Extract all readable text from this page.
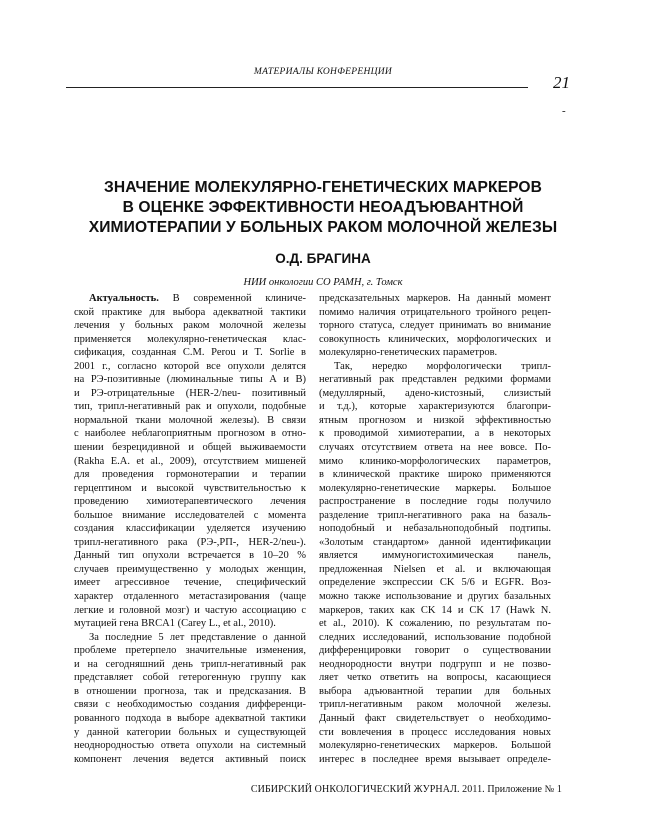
МАТЕРИАЛЫ КОНФЕРЕНЦИИ
21
-
ЗНАЧЕНИЕ МОЛЕКУЛЯРНО-ГЕНЕТИЧЕСКИХ МАРКЕРОВ
В ОЦЕНКЕ ЭФФЕКТИВНОСТИ НЕОАДЪЮВАНТНОЙ
ХИМИОТЕРАПИИ У БОЛЬНЫХ РАКОМ МОЛОЧНОЙ ЖЕЛЕЗЫ
О.Д. БРАГИНА
НИИ онкологии СО РАМН, г. Томск
Актуальность. В современной клиниче-
ской практике для выбора адекватной тактики
лечения у больных раком молочной железы
применяется молекулярно-генетическая клас-
сификация, созданная C.M. Perou и T. Sorlie в
2001 г., согласно которой все опухоли делятся
на РЭ-позитивные (люминальные типы А и В)
и РЭ-отрицательные (HER-2/neu- позитивный
тип, трипл-негативный рак и опухоли, подобные
нормальной ткани молочной железы). В связи
с наиболее неблагоприятным прогнозом в отно-
шении безрецидивной и общей выживаемости
(Rakha E.A. et al., 2009), отсутствием мишеней
для проведения гормонотерапии и терапии
герцептином и высокой чувствительностью к
проведению химиотерапевтического лечения
большое внимание исследователей с момента
создания классификации уделяется изучению
трипл-негативного рака (РЭ-,РП-, HER-2/neu-).
Данный тип опухоли встречается в 10–20 %
случаев преимущественно у молодых женщин,
имеет агрессивное течение, специфический
характер отдаленного метастазирования (чаще
легкие и головной мозг) и частую ассоциацию с
мутацией гена BRCA1 (Carey L., et al., 2010).
За последние 5 лет представление о данной
проблеме претерпело значительные изменения,
и на сегодняшний день трипл-негативный рак
представляет собой гетерогенную группу как
в отношении прогноза, так и предсказания. В
связи с необходимостью создания дифференци-
рованного подхода в выборе адекватной тактики
у данной категории больных и существующей
неоднородностью ответа опухоли на системный
компонент лечения ведется активный поиск
предсказательных маркеров. На данный момент
помимо наличия отрицательного тройного рецеп-
торного статуса, следует принимать во внимание
совокупность клинических, морфологических и
молекулярно-генетических параметров.
Так, нередко морфологически трипл-
негативный рак представлен редкими формами
(медуллярный, адено-кистозный, слизистый
и т.д.), которые характеризуются благопри-
ятным прогнозом и низкой эффективностью
к проводимой химиотерапии, а в некоторых
случаях отсутствием ответа на нее вовсе. По-
мимо клинико-морфологических параметров,
в клинической практике широко применяются
молекулярно-генетические маркеры. Большое
распространение в последние годы получило
разделение трипл-негативного рака на базаль-
ноподобный и небазальноподобный подтипы.
«Золотым стандартом» данной идентификации
является иммуногистохимическая панель,
предложенная Nielsen et al. и включающая
определение экспрессии CK 5/6 и EGFR. Воз-
можно также использование и других базальных
маркеров, таких как CK 14 и CK 17 (Hawk N.
et al., 2010). К сожалению, по результатам по-
следних исследований, использование подобной
дифференцировки говорит о существовании
неоднородности внутри подгрупп и не позво-
ляет четко ответить на вопросы, касающиеся
выбора адъювантной терапии для больных
трипл-негативным раком молочной железы.
Данный факт свидетельствует о необходимо-
сти вовлечения в процесс исследования новых
молекулярно-генетических маркеров. Большой
интерес в последнее время вызывает определе-
СИБИРСКИЙ ОНКОЛОГИЧЕСКИЙ ЖУРНАЛ. 2011. Приложение № 1
